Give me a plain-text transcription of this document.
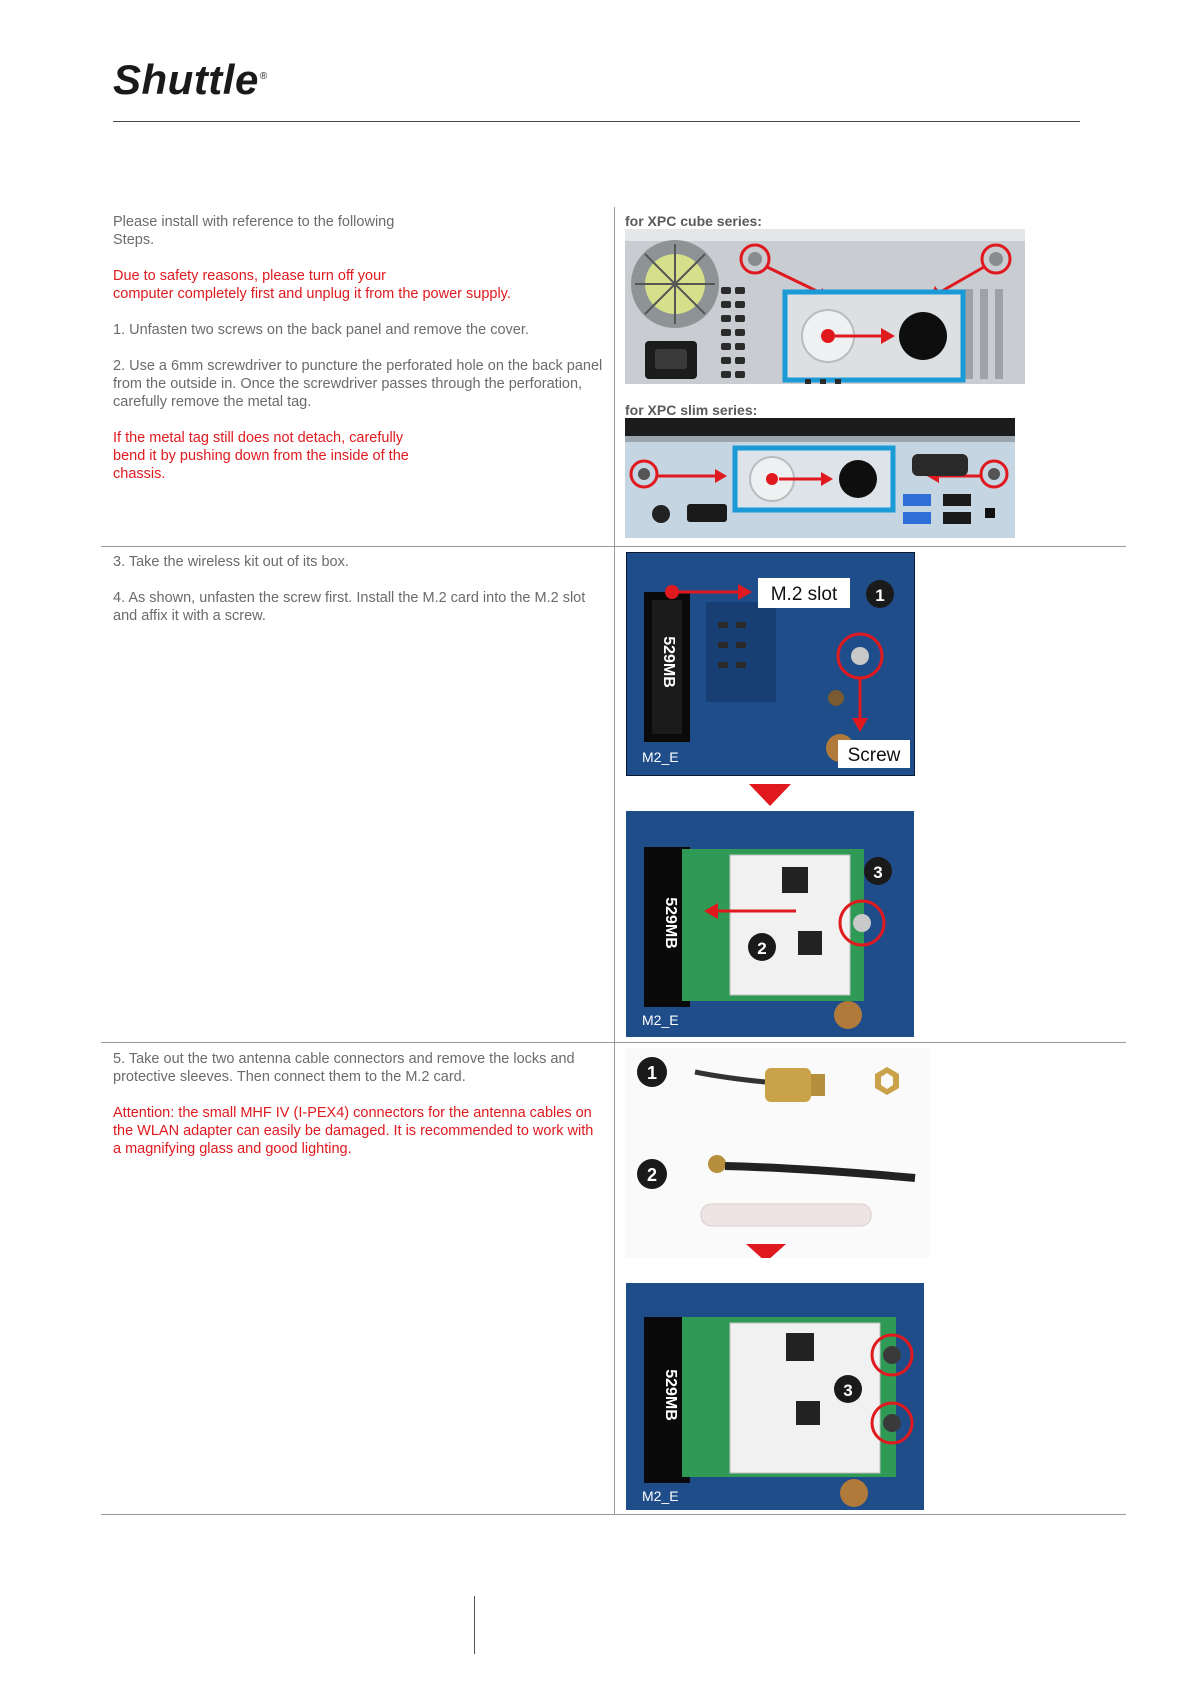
Shuttle®

Please install with reference to the following
Steps.

Due to safety reasons, please turn off your
computer completely first and unplug it from the power supply.

1. Unfasten two screws on the back panel and remove the cover.

2. Use a 6mm screwdriver to puncture the perforated hole on the back panel from the outside in. Once the screwdriver passes through the perforation, carefully remove the metal tag.

If the metal tag still does not detach, carefully
bend it by pushing down from the inside of the
chassis.

3. Take the wireless kit out of its box.

4. As shown, unfasten the screw first. Install the M.2 card into the M.2 slot and affix it with a screw.

5. Take out the two antenna cable connectors and remove the locks and protective sleeves. Then connect them to the M.2 card.

Attention: the small MHF IV (I-PEX4) connectors for the antenna cables on the WLAN adapter can easily be damaged. It is recommended to work with a magnifying glass and good lighting.

for XPC cube series:
for XPC slim series:
529MB
M2_E
M.2 slot 1
Screw
529MB	2
3
M2_E
1
2
529MB	3
M2_E
